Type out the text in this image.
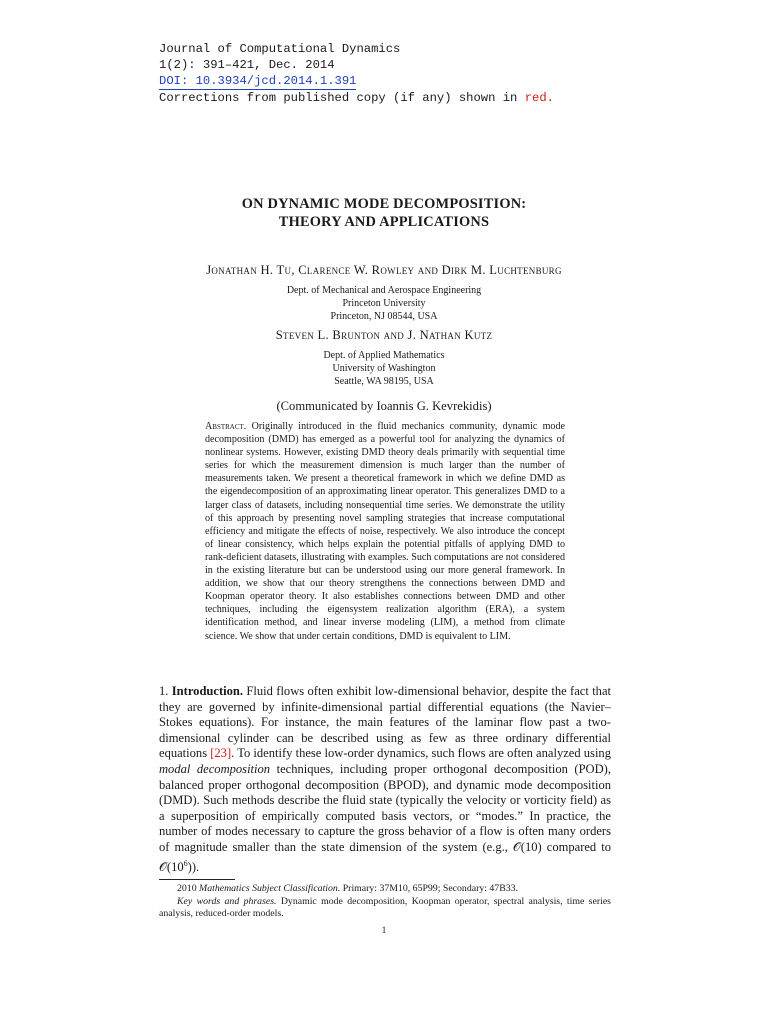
Journal of Computational Dynamics
1(2): 391–421, Dec. 2014
DOI: 10.3934/jcd.2014.1.391
Corrections from published copy (if any) shown in red.
ON DYNAMIC MODE DECOMPOSITION:
THEORY AND APPLICATIONS
Jonathan H. Tu, Clarence W. Rowley and Dirk M. Luchtenburg
Dept. of Mechanical and Aerospace Engineering
Princeton University
Princeton, NJ 08544, USA
Steven L. Brunton and J. Nathan Kutz
Dept. of Applied Mathematics
University of Washington
Seattle, WA 98195, USA
(Communicated by Ioannis G. Kevrekidis)
Abstract. Originally introduced in the fluid mechanics community, dynamic mode decomposition (DMD) has emerged as a powerful tool for analyzing the dynamics of nonlinear systems. However, existing DMD theory deals primarily with sequential time series for which the measurement dimension is much larger than the number of measurements taken. We present a theoretical framework in which we define DMD as the eigendecomposition of an approximating linear operator. This generalizes DMD to a larger class of datasets, including nonsequential time series. We demonstrate the utility of this approach by presenting novel sampling strategies that increase computational efficiency and mitigate the effects of noise, respectively. We also introduce the concept of linear consistency, which helps explain the potential pitfalls of applying DMD to rank-deficient datasets, illustrating with examples. Such computations are not considered in the existing literature but can be understood using our more general framework. In addition, we show that our theory strengthens the connections between DMD and Koopman operator theory. It also establishes connections between DMD and other techniques, including the eigensystem realization algorithm (ERA), a system identification method, and linear inverse modeling (LIM), a method from climate science. We show that under certain conditions, DMD is equivalent to LIM.
1. Introduction. Fluid flows often exhibit low-dimensional behavior, despite the fact that they are governed by infinite-dimensional partial differential equations (the Navier–Stokes equations). For instance, the main features of the laminar flow past a two-dimensional cylinder can be described using as few as three ordinary differential equations [23]. To identify these low-order dynamics, such flows are often analyzed using modal decomposition techniques, including proper orthogonal decomposition (POD), balanced proper orthogonal decomposition (BPOD), and dynamic mode decomposition (DMD). Such methods describe the fluid state (typically the velocity or vorticity field) as a superposition of empirically computed basis vectors, or “modes.” In practice, the number of modes necessary to capture the gross behavior of a flow is often many orders of magnitude smaller than the state dimension of the system (e.g., 𝒪(10) compared to $𝒪(10^6)$).
2010 Mathematics Subject Classification. Primary: 37M10, 65P99; Secondary: 47B33.
Key words and phrases. Dynamic mode decomposition, Koopman operator, spectral analysis, time series analysis, reduced-order models.
1
